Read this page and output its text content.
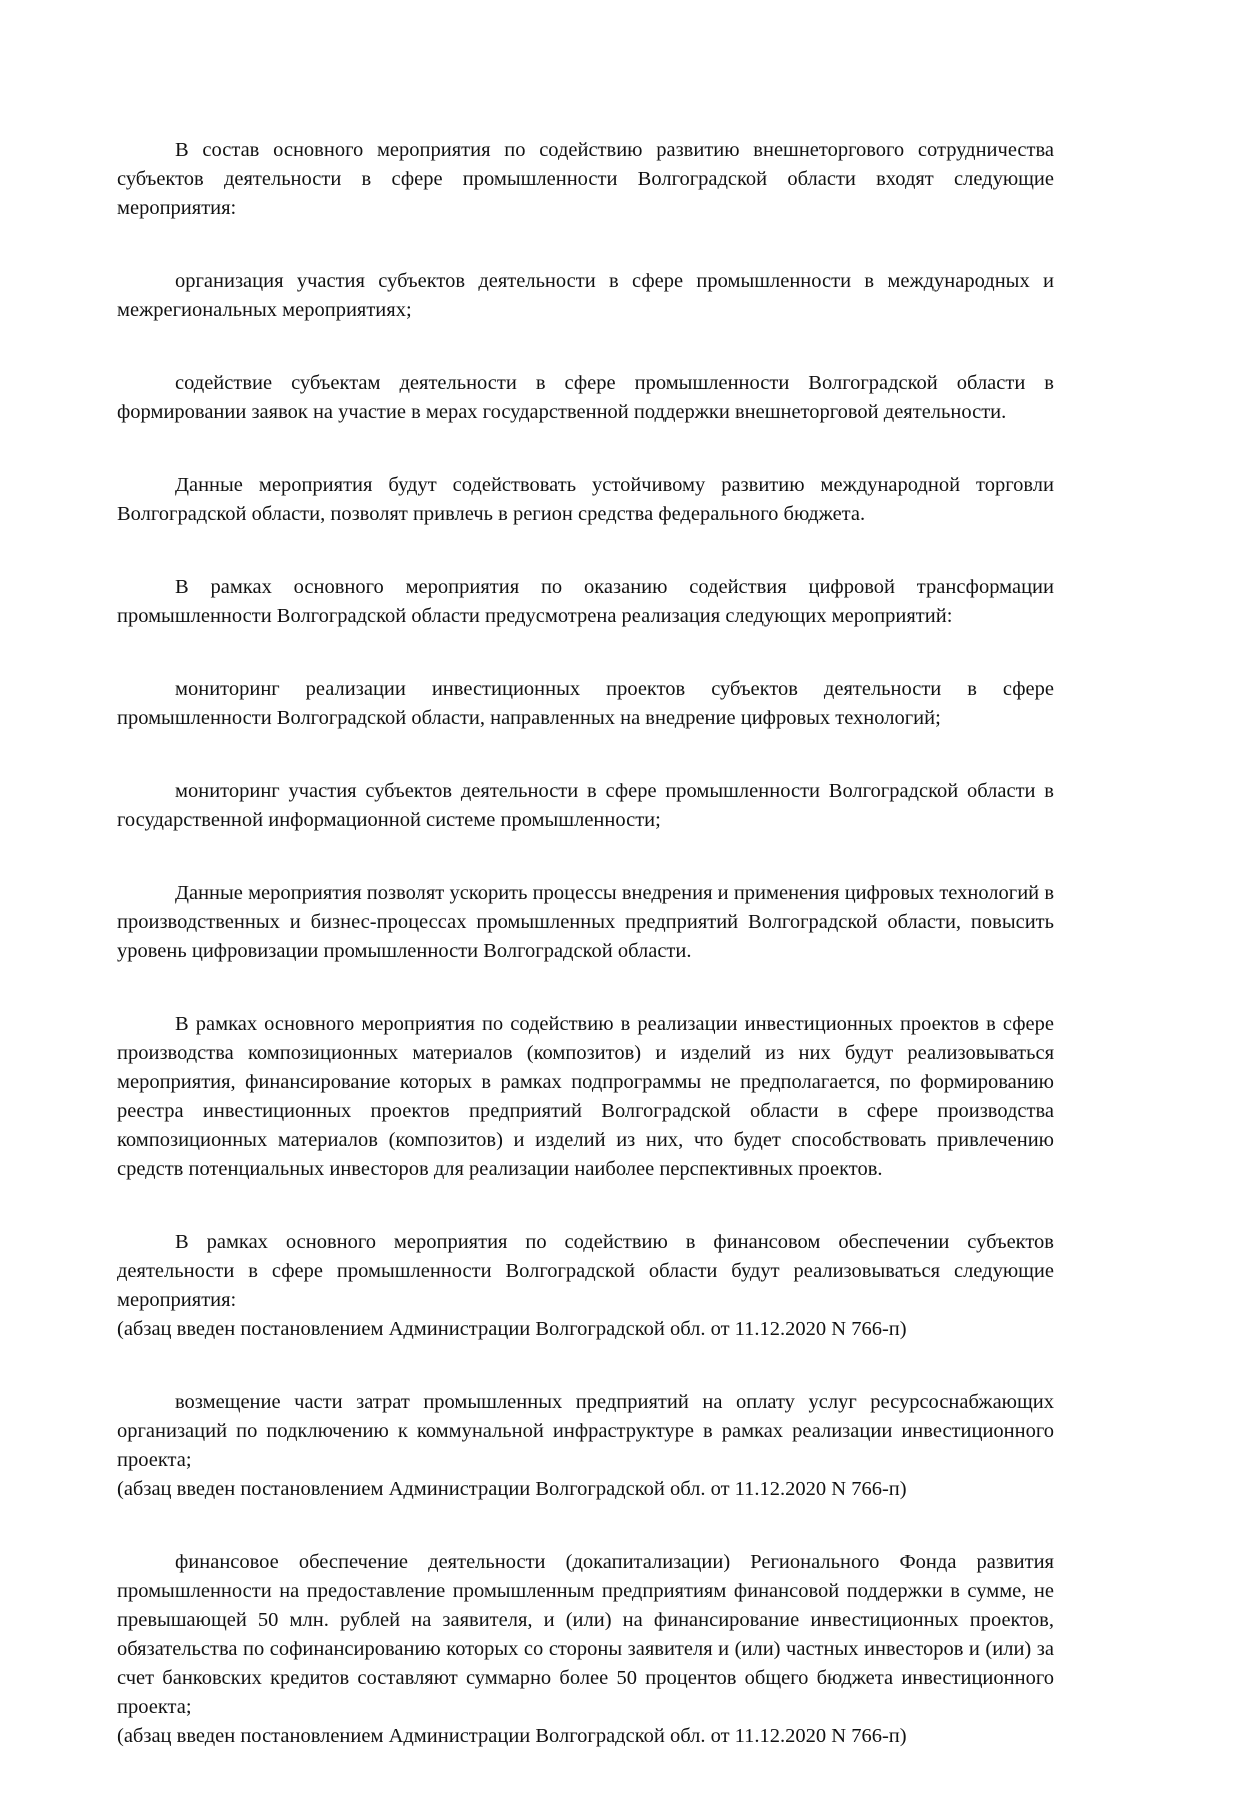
В состав основного мероприятия по содействию развитию внешнеторгового сотрудничества субъектов деятельности в сфере промышленности Волгоградской области входят следующие мероприятия:

организация участия субъектов деятельности в сфере промышленности в международных и межрегиональных мероприятиях;

содействие субъектам деятельности в сфере промышленности Волгоградской области в формировании заявок на участие в мерах государственной поддержки внешнеторговой деятельности.

Данные мероприятия будут содействовать устойчивому развитию международной торговли Волгоградской области, позволят привлечь в регион средства федерального бюджета.

В рамках основного мероприятия по оказанию содействия цифровой трансформации промышленности Волгоградской области предусмотрена реализация следующих мероприятий:

мониторинг реализации инвестиционных проектов субъектов деятельности в сфере промышленности Волгоградской области, направленных на внедрение цифровых технологий;

мониторинг участия субъектов деятельности в сфере промышленности Волгоградской области в государственной информационной системе промышленности;

Данные мероприятия позволят ускорить процессы внедрения и применения цифровых технологий в производственных и бизнес-процессах промышленных предприятий Волгоградской области, повысить уровень цифровизации промышленности Волгоградской области.

В рамках основного мероприятия по содействию в реализации инвестиционных проектов в сфере производства композиционных материалов (композитов) и изделий из них будут реализовываться мероприятия, финансирование которых в рамках подпрограммы не предполагается, по формированию реестра инвестиционных проектов предприятий Волгоградской области в сфере производства композиционных материалов (композитов) и изделий из них, что будет способствовать привлечению средств потенциальных инвесторов для реализации наиболее перспективных проектов.

В рамках основного мероприятия по содействию в финансовом обеспечении субъектов деятельности в сфере промышленности Волгоградской области будут реализовываться следующие мероприятия:

(абзац введен постановлением Администрации Волгоградской обл. от 11.12.2020 N 766-п)

возмещение части затрат промышленных предприятий на оплату услуг ресурсоснабжающих организаций по подключению к коммунальной инфраструктуре в рамках реализации инвестиционного проекта;

(абзац введен постановлением Администрации Волгоградской обл. от 11.12.2020 N 766-п)

финансовое обеспечение деятельности (докапитализации) Регионального Фонда развития промышленности на предоставление промышленным предприятиям финансовой поддержки в сумме, не превышающей 50 млн. рублей на заявителя, и (или) на финансирование инвестиционных проектов, обязательства по софинансированию которых со стороны заявителя и (или) частных инвесторов и (или) за счет банковских кредитов составляют суммарно более 50 процентов общего бюджета инвестиционного проекта;

(абзац введен постановлением Администрации Волгоградской обл. от 11.12.2020 N 766-п)
